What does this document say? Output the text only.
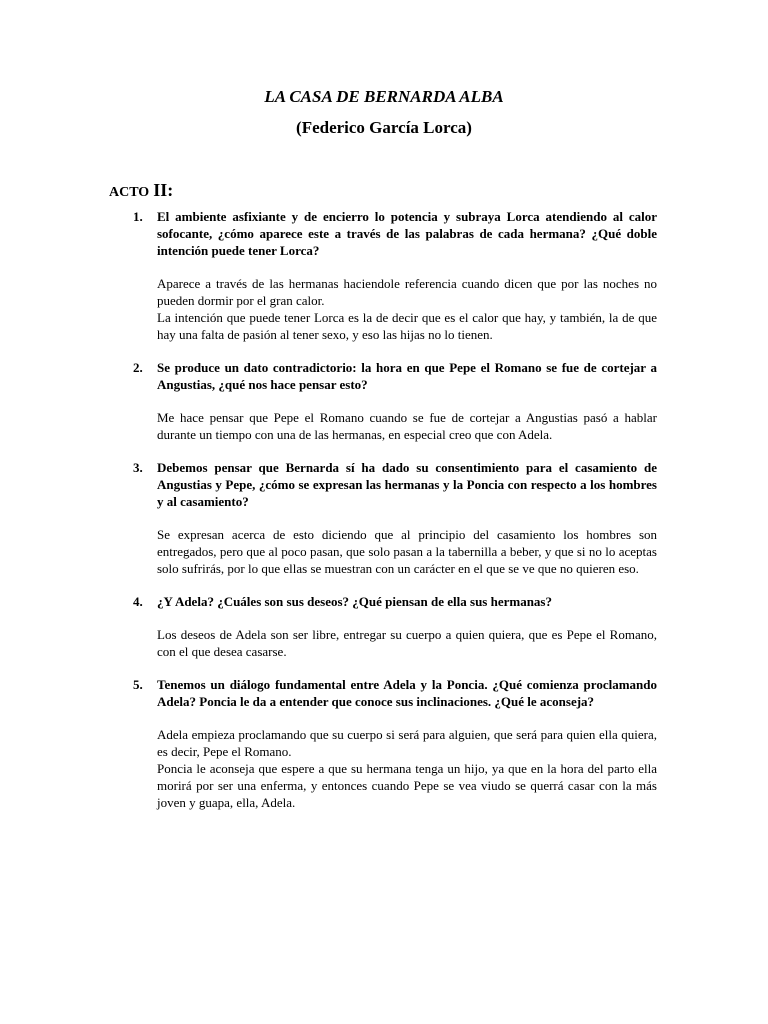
LA CASA DE BERNARDA ALBA
(Federico García Lorca)
ACTO II:
1. El ambiente asfixiante y de encierro lo potencia y subraya Lorca atendiendo al calor sofocante, ¿cómo aparece este a través de las palabras de cada hermana? ¿Qué doble intención puede tener Lorca?

Aparece a través de las hermanas haciendole referencia cuando dicen que por las noches no pueden dormir por el gran calor.

La intención que puede tener Lorca es la de decir que es el calor que hay, y también, la de que hay una falta de pasión al tener sexo, y eso las hijas no lo tienen.

2. Se produce un dato contradictorio: la hora en que Pepe el Romano se fue de cortejar a Angustias, ¿qué nos hace pensar esto?

Me hace pensar que Pepe el Romano cuando se fue de cortejar a Angustias pasó a hablar durante un tiempo con una de las hermanas, en especial creo que con Adela.

3. Debemos pensar que Bernarda sí ha dado su consentimiento para el casamiento de Angustias y Pepe, ¿cómo se expresan las hermanas y la Poncia con respecto a los hombres y al casamiento?

Se expresan acerca de esto diciendo que al principio del casamiento los hombres son entregados, pero que al poco pasan, que solo pasan a la tabernilla a beber, y que si no lo aceptas solo sufrirás, por lo que ellas se muestran con un carácter en el que se ve que no quieren eso.

4. ¿Y Adela? ¿Cuáles son sus deseos? ¿Qué piensan de ella sus hermanas?

Los deseos de Adela son ser libre, entregar su cuerpo a quien quiera, que es Pepe el Romano, con el que desea casarse.

5. Tenemos un diálogo fundamental entre Adela y la Poncia. ¿Qué comienza proclamando Adela? Poncia le da a entender que conoce sus inclinaciones. ¿Qué le aconseja?

Adela empieza proclamando que su cuerpo si será para alguien, que será para quien ella quiera, es decir, Pepe el Romano.

Poncia le aconseja que espere a que su hermana tenga un hijo, ya que en la hora del parto ella morirá por ser una enferma, y entonces cuando Pepe se vea viudo se querrá casar con la más joven y guapa, ella, Adela.
